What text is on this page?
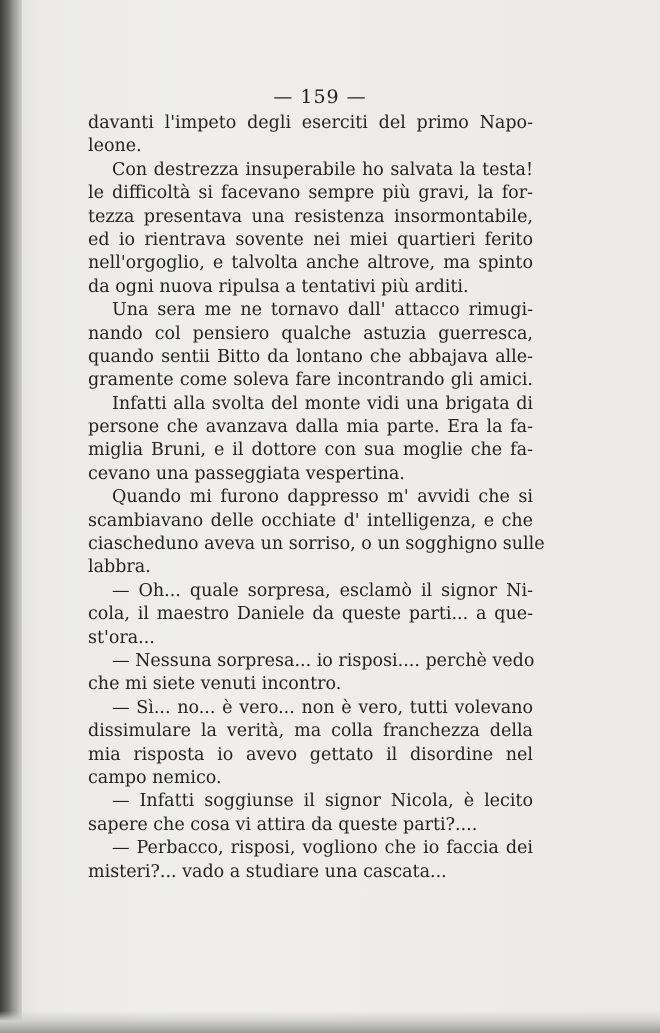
— 159 —
davanti l'impeto degli eserciti del primo Napo-
leone.
Con destrezza insuperabile ho salvata la testa!
le difficoltà si facevano sempre più gravi, la for-
tezza presentava una resistenza insormontabile,
ed io rientrava sovente nei miei quartieri ferito
nell'orgoglio, e talvolta anche altrove, ma spinto
da ogni nuova ripulsa a tentativi più arditi.
Una sera me ne tornavo dall' attacco rimugi-
nando col pensiero qualche astuzia guerresca,
quando sentii Bitto da lontano che abbajava alle-
gramente come soleva fare incontrando gli amici.
Infatti alla svolta del monte vidi una brigata di
persone che avanzava dalla mia parte. Era la fa-
miglia Bruni, e il dottore con sua moglie che fa-
cevano una passeggiata vespertina.
Quando mi furono dappresso m' avvidi che si
scambiavano delle occhiate d' intelligenza, e che
ciascheduno aveva un sorriso, o un sogghigno sulle
labbra.
— Oh... quale sorpresa, esclamò il signor Ni-
cola, il maestro Daniele da queste parti... a que-
st'ora...
— Nessuna sorpresa... io risposi.... perchè vedo
che mi siete venuti incontro.
— Sì... no... è vero... non è vero, tutti volevano
dissimulare la verità, ma colla franchezza della
mia risposta io avevo gettato il disordine nel
campo nemico.
— Infatti soggiunse il signor Nicola, è lecito
sapere che cosa vi attira da queste parti?....
— Perbacco, risposi, vogliono che io faccia dei
misteri?... vado a studiare una cascata...
